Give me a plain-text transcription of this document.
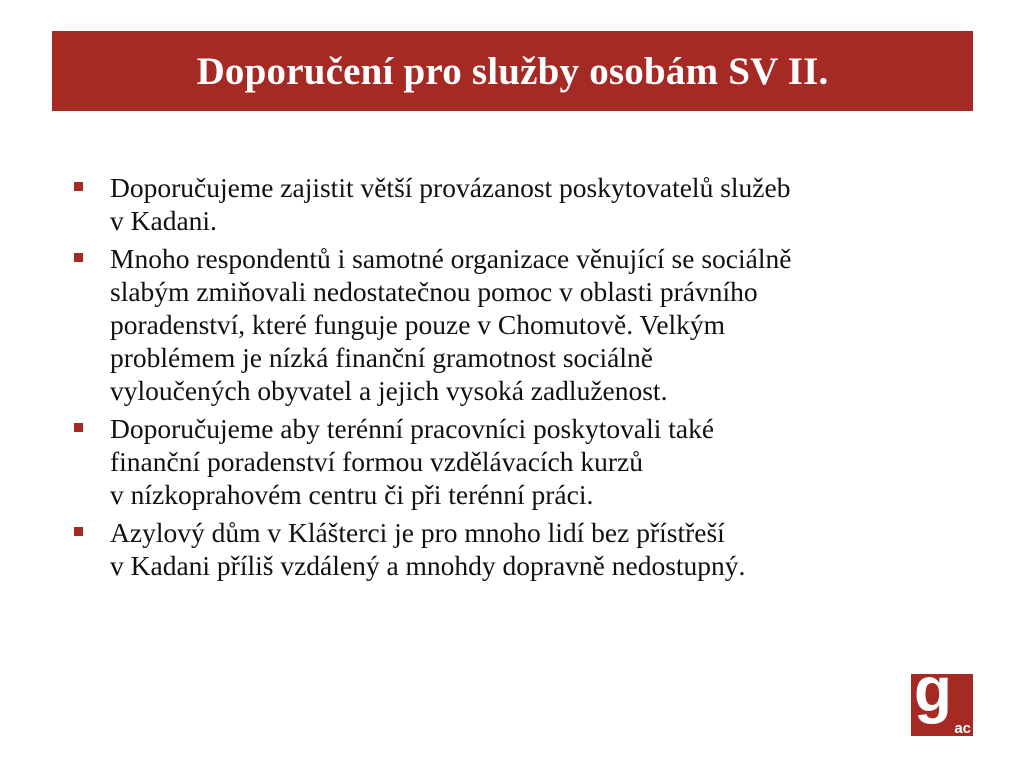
Doporučení pro služby osobám SV II.
Doporučujeme zajistit větší provázanost poskytovatelů služeb
v Kadani.
Mnoho respondentů i samotné organizace věnující se sociálně
slabým zmiňovali nedostatečnou pomoc v oblasti právního
poradenství, které funguje pouze v Chomutově. Velkým
problémem je nízká finanční gramotnost sociálně
vyloučených obyvatel a jejich vysoká zadluženost.
Doporučujeme aby terénní pracovníci poskytovali také
finanční poradenství formou vzdělávacích kurzů
v nízkoprahovém centru či při terénní práci.
Azylový dům v Klášterci je pro mnoho lidí bez přístřeší
v Kadani příliš vzdálený a mnohdy dopravně nedostupný.
g
ac
